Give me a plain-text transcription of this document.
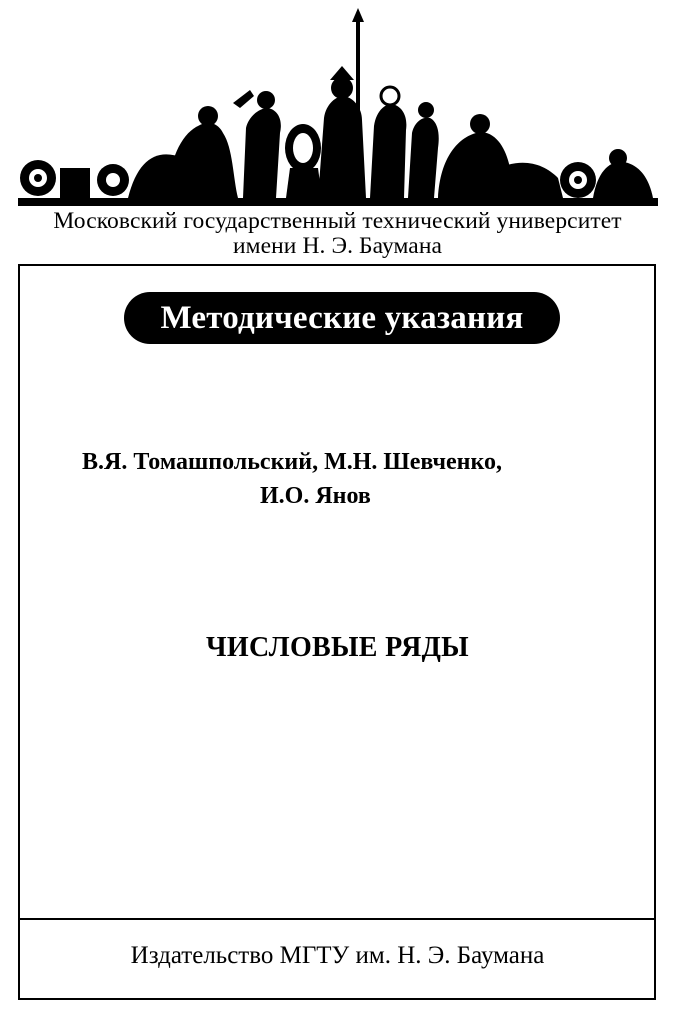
Московский государственный технический университет
имени Н. Э. Баумана
Методические указания
В.Я. Томашпольский, М.Н. Шевченко,
И.О. Янов
ЧИСЛОВЫЕ РЯДЫ
Издательство МГТУ им. Н. Э. Баумана
